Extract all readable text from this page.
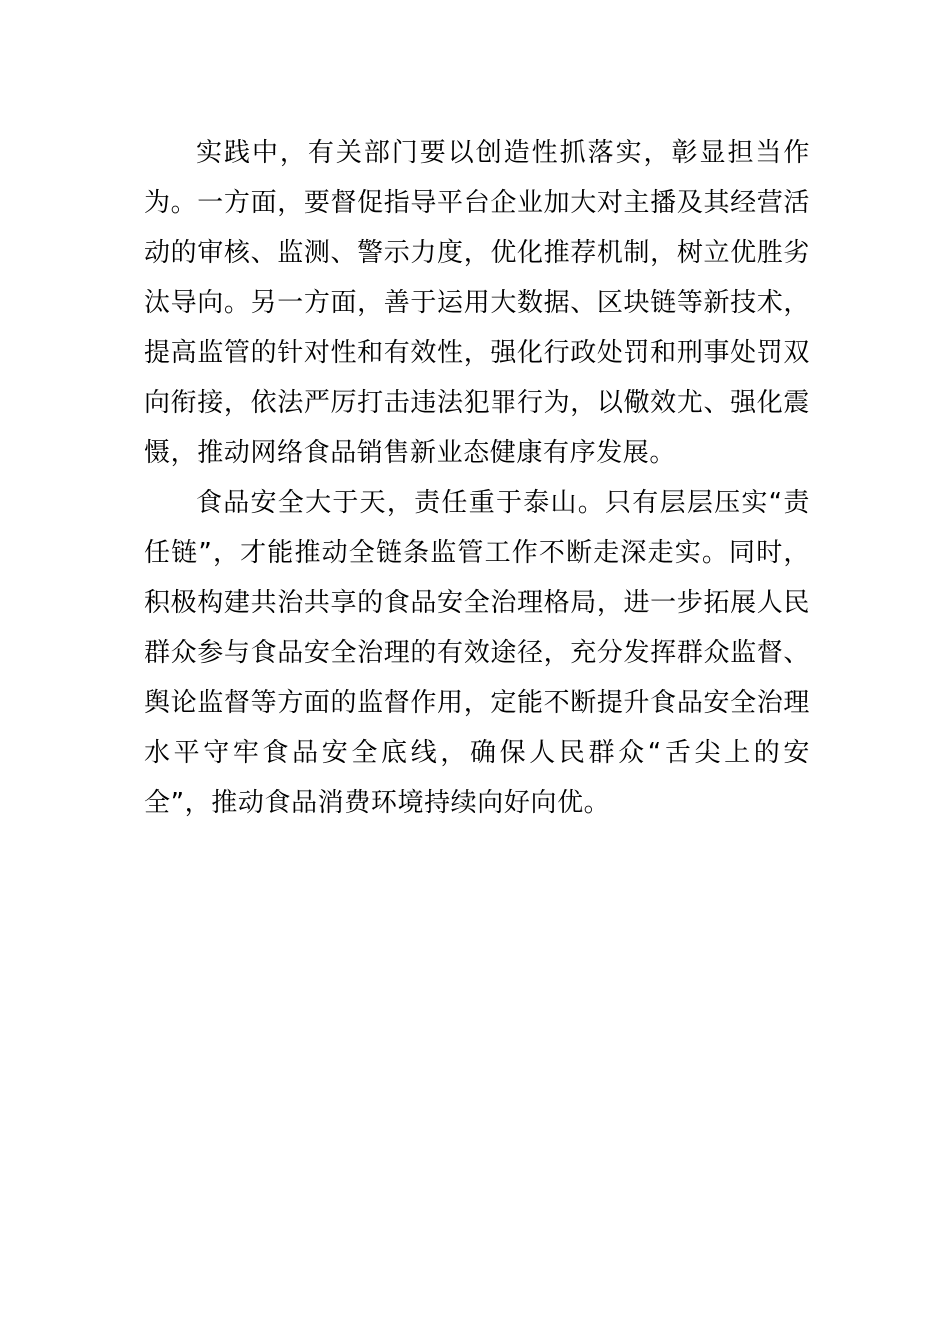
实践中，有关部门要以创造性抓落实，彰显担当作为。一方面，要督促指导平台企业加大对主播及其经营活动的审核、监测、警示力度，优化推荐机制，树立优胜劣汰导向。另一方面，善于运用大数据、区块链等新技术，提高监管的针对性和有效性，强化行政处罚和刑事处罚双向衔接，依法严厉打击违法犯罪行为，以儆效尤、强化震慑，推动网络食品销售新业态健康有序发展。

食品安全大于天，责任重于泰山。只有层层压实“责任链”，才能推动全链条监管工作不断走深走实。同时，积极构建共治共享的食品安全治理格局，进一步拓展人民群众参与食品安全治理的有效途径，充分发挥群众监督、舆论监督等方面的监督作用，定能不断提升食品安全治理水平守牢食品安全底线，确保人民群众“舌尖上的安全”，推动食品消费环境持续向好向优。
